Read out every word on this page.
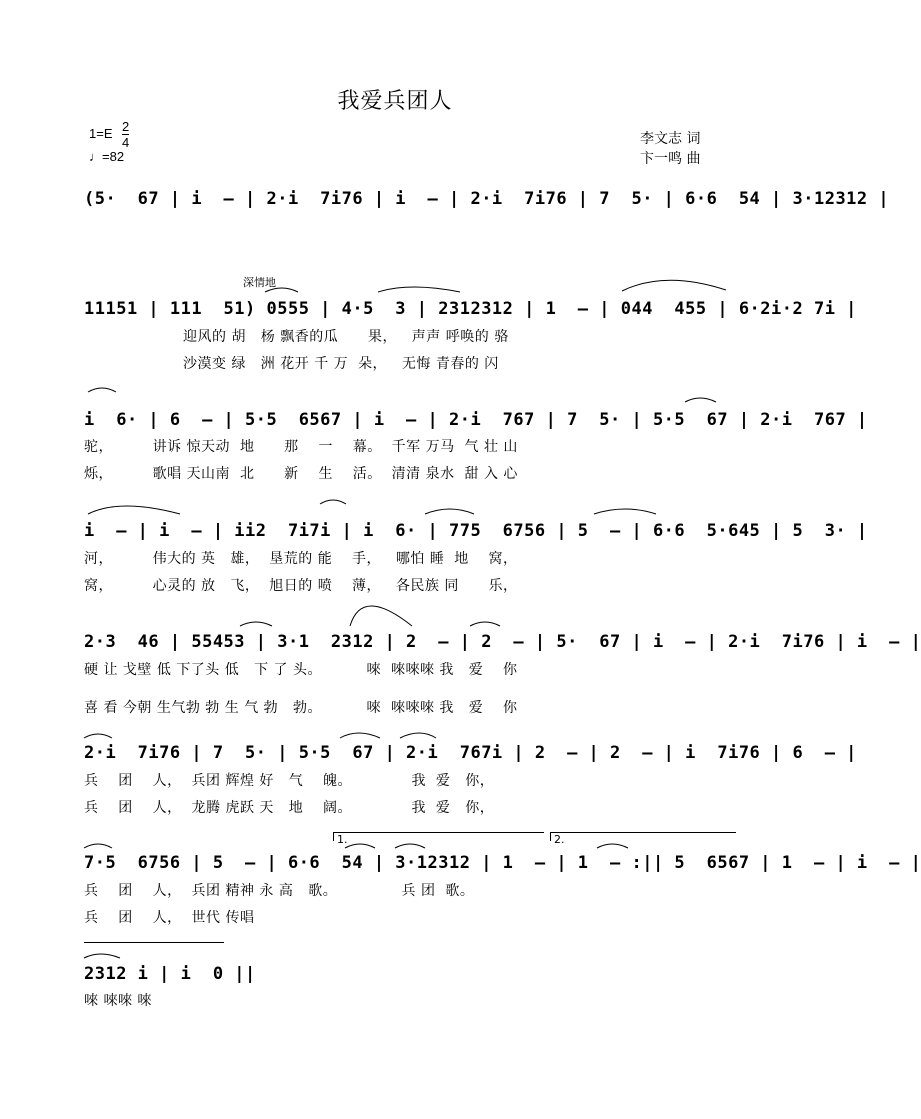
我爱兵团人
$1=E \frac{2}{4}$
♩=82
李文志 词
卞一鸣 曲
深情地
(5·  67 | i  — | 2·i  7i76 | i  — | 2·i  7i76 | 7  5· | 6·6  54 | 3·12312 |
11151 | 111  51) 0555 | 4·5  3 | 2312312 | 1  — | 044  455 | 6·2i·2 7i |
迎风的 胡   杨 飘香的瓜      果，   声声 呼唤的 骆
沙漠变 绿   洲 花开 千 万  朵，   无悔 青春的 闪
i  6· | 6  — | 5·5  6567 | i  — | 2·i  767 | 7  5· | 5·5  67 | 2·i  767 |
驼，        讲诉 惊天动  地      那    一    幕。  千军 万马  气 壮 山
烁，        歌唱 天山南  北      新    生    活。  清清 泉水  甜 入 心
i  — | i  — | ii2  7i7i | i  6· | 775  6756 | 5  — | 6·6  5·645 | 5  3· |
河，        伟大的 英   雄，  垦荒的 能    手，   哪怕 睡  地    窝，
窝，        心灵的 放   飞，  旭日的 喷    薄，   各民族 同      乐，
2·3  46 | 55453 | 3·1  2312 | 2  — | 2  — | 5·  67 | i  — | 2·i  7i76 | i  — |
硬 让 戈壁 低 下了头 低   下 了 头。         唻  唻唻唻 我   爱    你
喜 看 今朝 生气勃 勃 生 气 勃   勃。         唻  唻唻唻 我   爱    你
2·i  7i76 | 7  5· | 5·5  67 | 2·i  767i | 2  — | 2  — | i  7i76 | 6  — |
兵    团    人，  兵团 辉煌 好   气    魄。            我  爱   你，
兵    团    人，  龙腾 虎跃 天   地    阔。            我  爱   你，
1.	2.
7·5  6756 | 5  — | 6·6  54 | 3·12312 | 1  — | 1  — :|| 5  6567 | 1  — | i  — |
兵    团    人，  兵团 精神 永 高   歌。             兵 团  歌。
兵    团    人，  世代 传唱
2312 i | i  0 ||
唻 唻唻 唻
